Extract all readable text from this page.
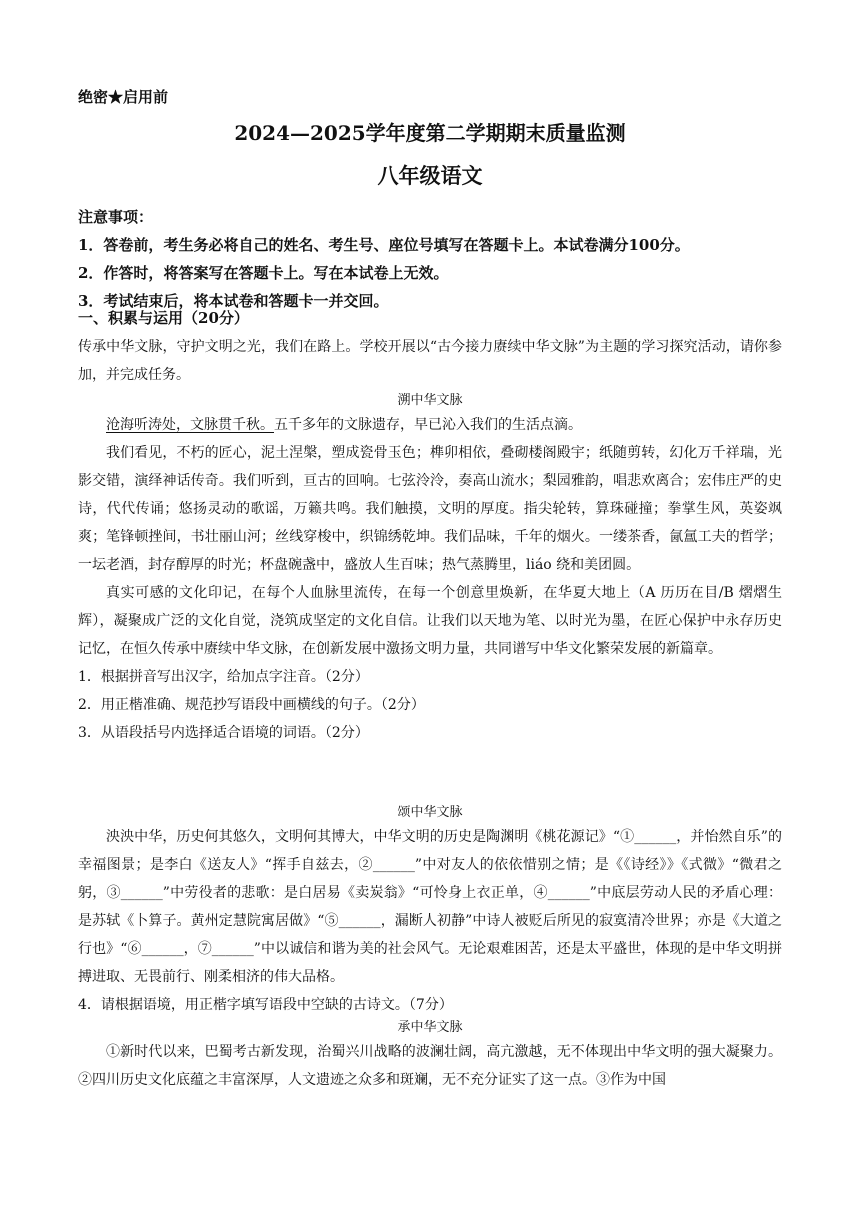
绝密★启用前
2024—2025学年度第二学期期末质量监测
八年级语文
注意事项：
1．答卷前，考生务必将自己的姓名、考生号、座位号填写在答题卡上。本试卷满分100分。
2．作答时，将答案写在答题卡上。写在本试卷上无效。
3．考试结束后，将本试卷和答题卡一并交回。
一、积累与运用（20分）

传承中华文脉，守护文明之光，我们在路上。学校开展以“古今接力赓续中华文脉”为主题的学习探究活动，请你参加，并完成任务。

溯中华文脉

沧海听涛处，文脉贯千秋。五千多年的文脉遗存，早已沁入我们的生活点滴。

我们看见，不朽的匠心，泥土涅槃，塑成瓷骨玉色；榫卯相依，叠砌楼阁殿宇；纸随剪转，幻化万千祥瑞，光影交错，演绎神话传奇。我们听到，亘古的回响。七弦泠泠，奏高山流水；梨园雅韵，唱悲欢离合；宏伟庄严的史诗，代代传诵；悠扬灵动的歌谣，万籁共鸣。我们触摸，文明的厚度。指尖轮转，算珠碰撞；拳掌生风，英姿飒爽；笔锋顿挫间，书壮丽山河；丝线穿梭中，织锦绣乾坤。我们品味，千年的烟火。一缕茶香，氤氲工夫的哲学；一坛老酒，封存醇厚的时光；杯盘碗盏中，盛放人生百味；热气蒸腾里，liáo 绕和美团圆。

真实可感的文化印记，在每个人血脉里流传，在每一个创意里焕新，在华夏大地上（A 历历在目/B 熠熠生辉），凝聚成广泛的文化自觉，浇筑成坚定的文化自信。让我们以天地为笔、以时光为墨，在匠心保护中永存历史记忆，在恒久传承中赓续中华文脉，在创新发展中激扬文明力量，共同谱写中华文化繁荣发展的新篇章。

1．根据拼音写出汉字，给加点字注音。（2分）
2．用正楷准确、规范抄写语段中画横线的句子。（2分）
3．从语段括号内选择适合语境的词语。（2分）
颂中华文脉

泱泱中华，历史何其悠久，文明何其博大，中华文明的历史是陶渊明《桃花源记》“①______，并怡然自乐”的幸福图景；是李白《送友人》“挥手自兹去，②______”中对友人的依依惜别之情；是《《诗经》》《式微》“微君之躬，③______”中劳役者的悲歌：是白居易《卖炭翁》“可怜身上衣正单，④______”中底层劳动人民的矛盾心理：是苏轼《卜算子。黄州定慧院寓居做》“⑤______，漏断人初静”中诗人被贬后所见的寂寞清冷世界；亦是《大道之行也》“⑥______，⑦______”中以诚信和谐为美的社会风气。无论艰难困苦，还是太平盛世，体现的是中华文明拼搏进取、无畏前行、刚柔相济的伟大品格。

4．请根据语境，用正楷字填写语段中空缺的古诗文。（7分）
承中华文脉

①新时代以来，巴蜀考古新发现，治蜀兴川战略的波澜壮阔，高亢激越，无不体现出中华文明的强大凝聚力。②四川历史文化底蕴之丰富深厚，人文遗迹之众多和斑斓，无不充分证实了这一点。③作为中国
